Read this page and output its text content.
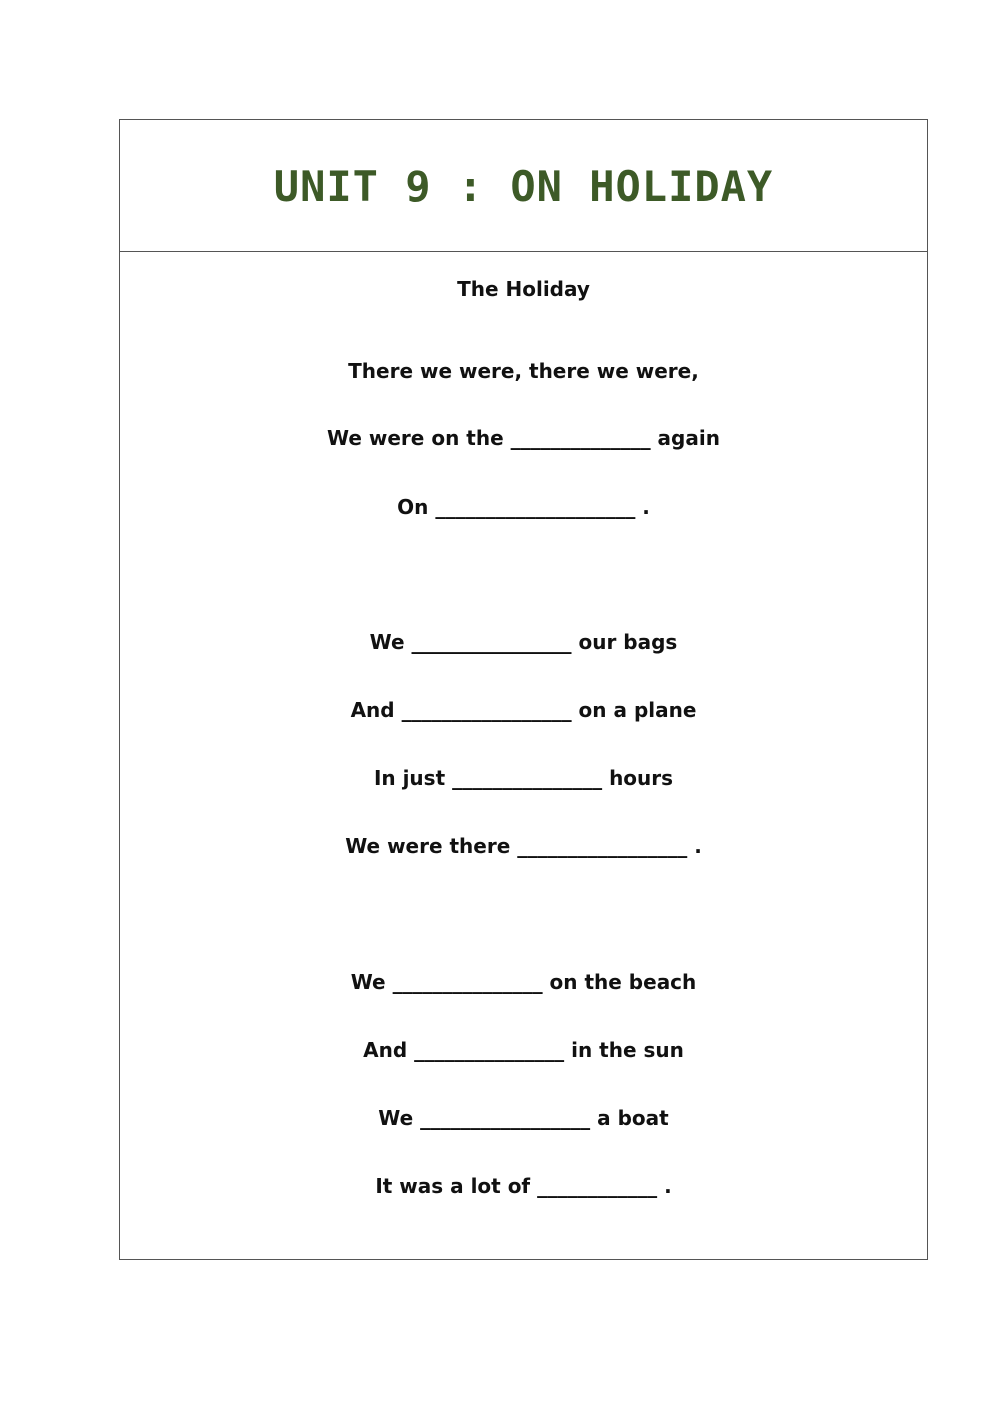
UNIT 9 : ON HOLIDAY
The Holiday
There we were, there we were,
We were on the ______________ again
On ____________________ .
We ________________ our bags
And _________________ on a plane
In just _______________ hours
We were there _________________ .
We _______________ on the beach
And _______________ in the sun
We _________________ a boat
It was a lot of ____________ .
